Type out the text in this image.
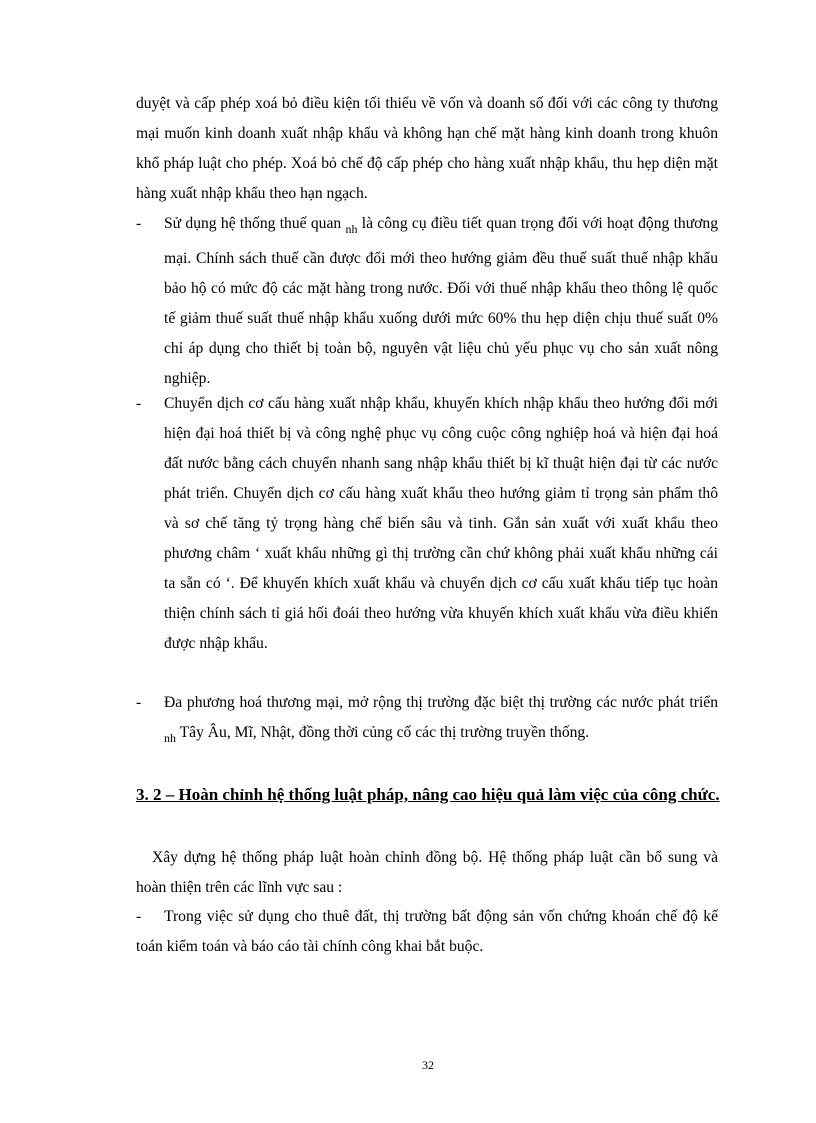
duyệt và cấp phép xoá bỏ điều kiện tối thiểu về vốn và doanh số đối với các công ty thương mại muốn kinh doanh xuất nhập khẩu và không hạn chế mặt hàng kinh doanh trong khuôn khổ pháp luật cho phép. Xoá bỏ chế độ cấp phép cho hàng xuất nhập khẩu, thu hẹp diện mặt hàng xuất nhập khẩu theo hạn ngạch.
-	Sử dụng hệ thống thuế quan $_{nh}$ là công cụ điều tiết quan trọng đối với hoạt động thương mại. Chính sách thuế cần được đổi mới theo hướng giảm đều thuế suất thuế nhập khẩu bảo hộ có mức độ các mặt hàng trong nước. Đối với thuế nhập khẩu theo thông lệ quốc tế giảm thuế suất thuế nhập khẩu xuống dưới mức 60% thu hẹp diện chịu thuế suất 0% chỉ áp dụng cho thiết bị toàn bộ, nguyên vật liệu chủ yếu phục vụ cho sản xuất nông nghiệp.
-	Chuyển dịch cơ cấu hàng xuất nhập khẩu, khuyến khích nhập khẩu theo hướng đổi mới hiện đại hoá thiết bị và công nghệ phục vụ công cuộc công nghiệp hoá và hiện đại hoá đất nước bằng cách chuyển nhanh sang nhập khẩu thiết bị kĩ thuật hiện đại từ các nước phát triển. Chuyển dịch cơ cấu hàng xuất khẩu theo hướng giảm tỉ trọng sản phẩm thô và sơ chế tăng tỷ trọng hàng chế biến sâu và tinh. Gắn sản xuất với xuất khẩu theo phương châm ‘ xuất khẩu những gì thị trường cần chứ không phải xuất khẩu những cái ta sẵn có ‘. Để khuyến khích xuất khẩu và chuyển dịch cơ cấu xuất khẩu tiếp tục hoàn thiện chính sách tỉ giá hối đoái theo hướng vừa khuyến khích xuất khẩu vừa điều khiển được nhập khẩu.
-	Đa phương hoá thương mại, mở rộng thị trường đặc biệt thị trường các nước phát triển $_{nh}$ Tây Âu, Mĩ, Nhật, đồng thời củng cố các thị trường truyền thống.
3. 2 – Hoàn chỉnh hệ thống luật pháp, nâng cao hiệu quả làm việc của công chức.
Xây dựng hệ thống pháp luật hoàn chỉnh đồng bộ. Hệ thống pháp luật cần bổ sung và hoàn thiện trên các lĩnh vực sau :
- Trong việc sử dụng cho thuê đất, thị trường bất động sản vốn chứng khoán chế độ kế toán kiểm toán và báo cáo tài chính công khai bắt buộc.
32
